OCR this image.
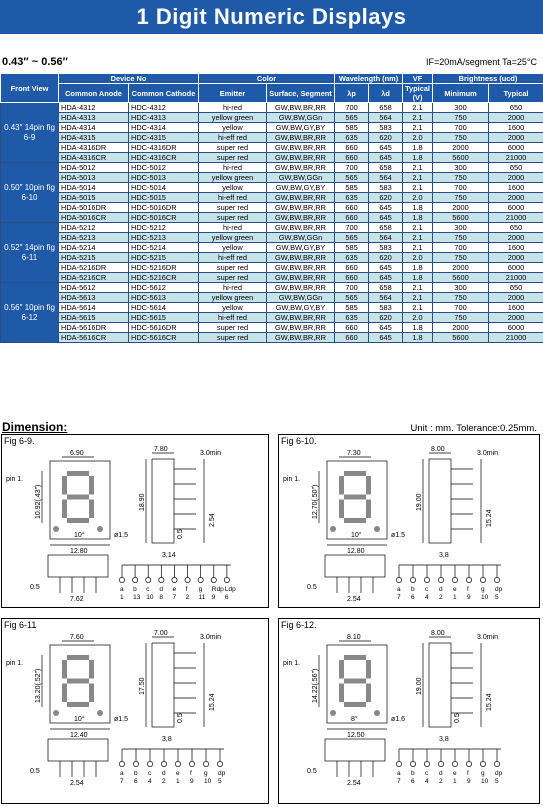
1 Digit Numeric Displays
0.43″ ~ 0.56″	IF=20mA/segment Ta=25°C
Front View	Device No		Color		Wavelength (nm)		VF	Brightness (ucd)	
	Common Anode	Common Cathode	Emitter	Surface, Segment	λp	λd	Typical (V)	Minimum	Typical
0.43″ 14pin fig 6-9	HDA-4312	HDC-4312	hi-red	GW,BW,BR,RR	700	658	2.1	300	650
	HDA-4313	HDC-4313	yellow green	GW,BW,GGn	565	564	2.1	750	2000
	HDA-4314	HDC-4314	yellow	GW,BW,GY,BY	585	583	2.1	700	1600
	HDA-4315	HDC-4315	hi-eff red	GW,BW,BR,RR	635	620	2.0	750	2000
	HDA-4316DR	HDC-4316DR	super red	GW,BW,BR,RR	660	645	1.8	2000	6000
	HDA-4316CR	HDC-4316CR	super red	GW,BW,BR,RR	660	645	1.8	5600	21000
0.50″ 10pin fig 6-10	HDA-5012	HDC-5012	hi-red	GW,BW,BR,RR	700	658	2.1	300	650
	HDA-5013	HDC-5013	yellow green	GW,BW,GGn	565	564	2.1	750	2000
	HDA-5014	HDC-5014	yellow	GW,BW,GY,BY	585	583	2.1	700	1600
	HDA-5015	HDC-5015	hi-eff red	GW,BW,BR,RR	635	620	2.0	750	2000
	HDA-5016DR	HDC-5016DR	super red	GW,BW,BR,RR	660	645	1.8	2000	6000
	HDA-5016CR	HDC-5016CR	super red	GW,BW,BR,RR	660	645	1.8	5600	21000
0.52″ 14pin fig 6-11	HDA-5212	HDC-5212	hi-red	GW,BW,BR,RR	700	658	2.1	300	650
	HDA-5213	HDC-5213	yellow green	GW,BW,GGn	565	564	2.1	750	2000
	HDA-5214	HDC-5214	yellow	GW,BW,GY,BY	585	583	2.1	700	1600
	HDA-5215	HDC-5215	hi-eff red	GW,BW,BR,RR	635	620	2.0	750	2000
	HDA-5216DR	HDC-5216DR	super red	GW,BW,BR,RR	660	645	1.8	2000	6000
	HDA-5216CR	HDC-5216CR	super red	GW,BW,BR,RR	660	645	1.8	5600	21000
0.56″ 10pin fig 6-12	HDA-5612	HDC-5612	hi-red	GW,BW,BR,RR	700	658	2.1	300	650
	HDA-5613	HDC-5613	yellow green	GW,BW,GGn	565	564	2.1	750	2000
	HDA-5614	HDC-5614	yellow	GW,BW,GY,BY	585	583	2.1	700	1600
	HDA-5615	HDC-5615	hi-eff red	GW,BW,BR,RR	635	620	2.0	750	2000
	HDA-5616DR	HDC-5616DR	super red	GW,BW,BR,RR	660	645	1.8	2000	6000
	HDA-5616CR	HDC-5616CR	super red	GW,BW,BR,RR	660	645	1.8	5600	21000
Dimension:	Unit : mm. Tolerance:0.25mm.
Fig 6-9.
6.90
10.92(.43″)
12.80
pin 1.
ø1.5
10°
7.80
3.0min
2.54
18.90
0.5
0.5
7.62
3,14
a
1
b
13
c
10
d
8
e
7
f
2
g
11
Rdp
9
Ldp
6
Fig 6-10.
7.30
12.70(.50″)
12.80
pin 1.
ø1.5
10°
8.00
3.0min
15.24
19.00
0.5
2.54
3,8
a
7
b
6
c
4
d
2
e
1
f
9
g
10
dp
5
Fig 6-11
7.60
13.20(.52″)
12.40
pin 1.
ø1.5
10°
7.00
3.0min
15.24
17.50
0.5
0.5
2.54
3,8
a
7
b
6
c
4
d
2
e
1
f
9
g
10
dp
5
Fig 6-12.
8.10
14.22(.56″)
12.50
pin 1.
ø1.6
8°
8.00
3.0min
15.24
19.00
0.5
0.5
2.54
3,8
a
7
b
6
c
4
d
2
e
1
f
9
g
10
dp
5
